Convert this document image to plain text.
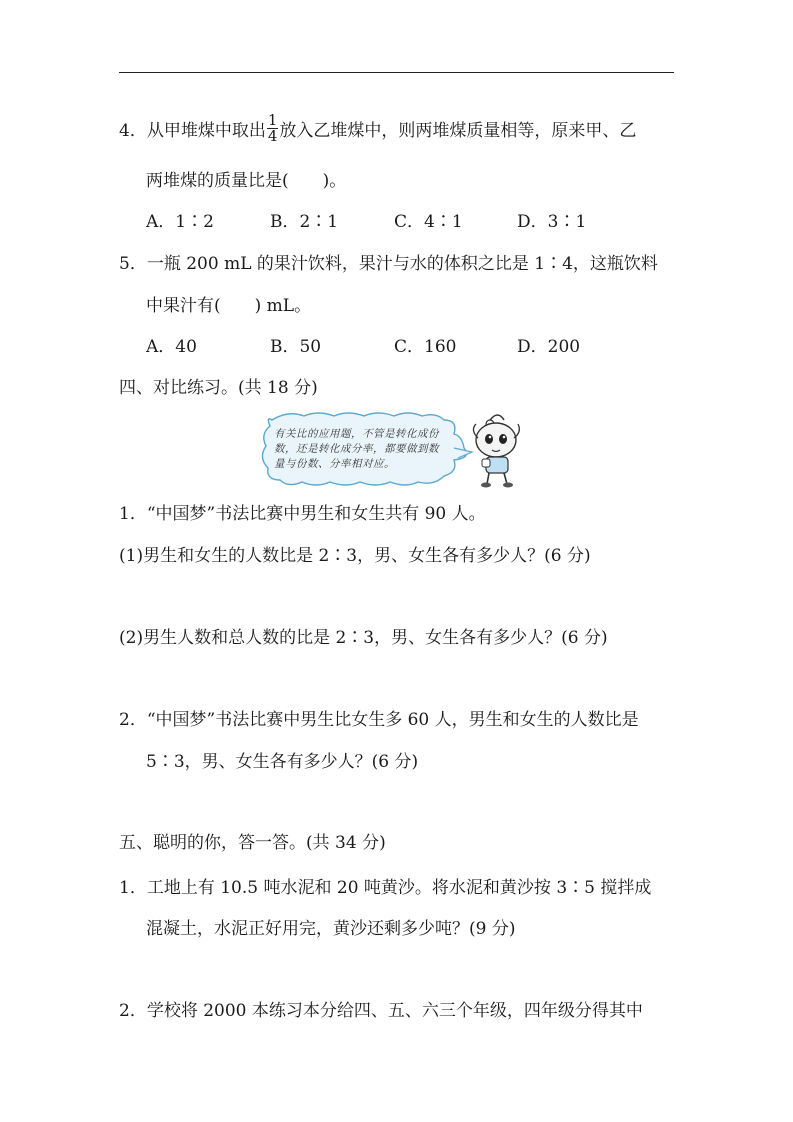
4．从甲堆煤中取出 $\frac{1}{4}$ 放入乙堆煤中，则两堆煤质量相等，原来甲、乙
两堆煤的质量比是(　　)。
A．1∶2	B．2∶1	C．4∶1	D．3∶1
5．一瓶 200 mL 的果汁饮料，果汁与水的体积之比是 1∶4，这瓶饮料
中果汁有(　　) mL。
A．40	B．50	C．160	D．200
四、对比练习。(共 18 分)
有关比的应用题，不管是转化成份数，还是转化成分率，都要做到数量与份数、分率相对应。
1．“中国梦”书法比赛中男生和女生共有 90 人。
(1)男生和女生的人数比是 2∶3，男、女生各有多少人？(6 分)
(2)男生人数和总人数的比是 2∶3，男、女生各有多少人？(6 分)
2．“中国梦”书法比赛中男生比女生多 60 人，男生和女生的人数比是
5∶3，男、女生各有多少人？(6 分)
五、聪明的你，答一答。(共 34 分)
1．工地上有 10.5 吨水泥和 20 吨黄沙。将水泥和黄沙按 3∶5 搅拌成
混凝土，水泥正好用完，黄沙还剩多少吨？(9 分)
2．学校将 2000 本练习本分给四、五、六三个年级，四年级分得其中
